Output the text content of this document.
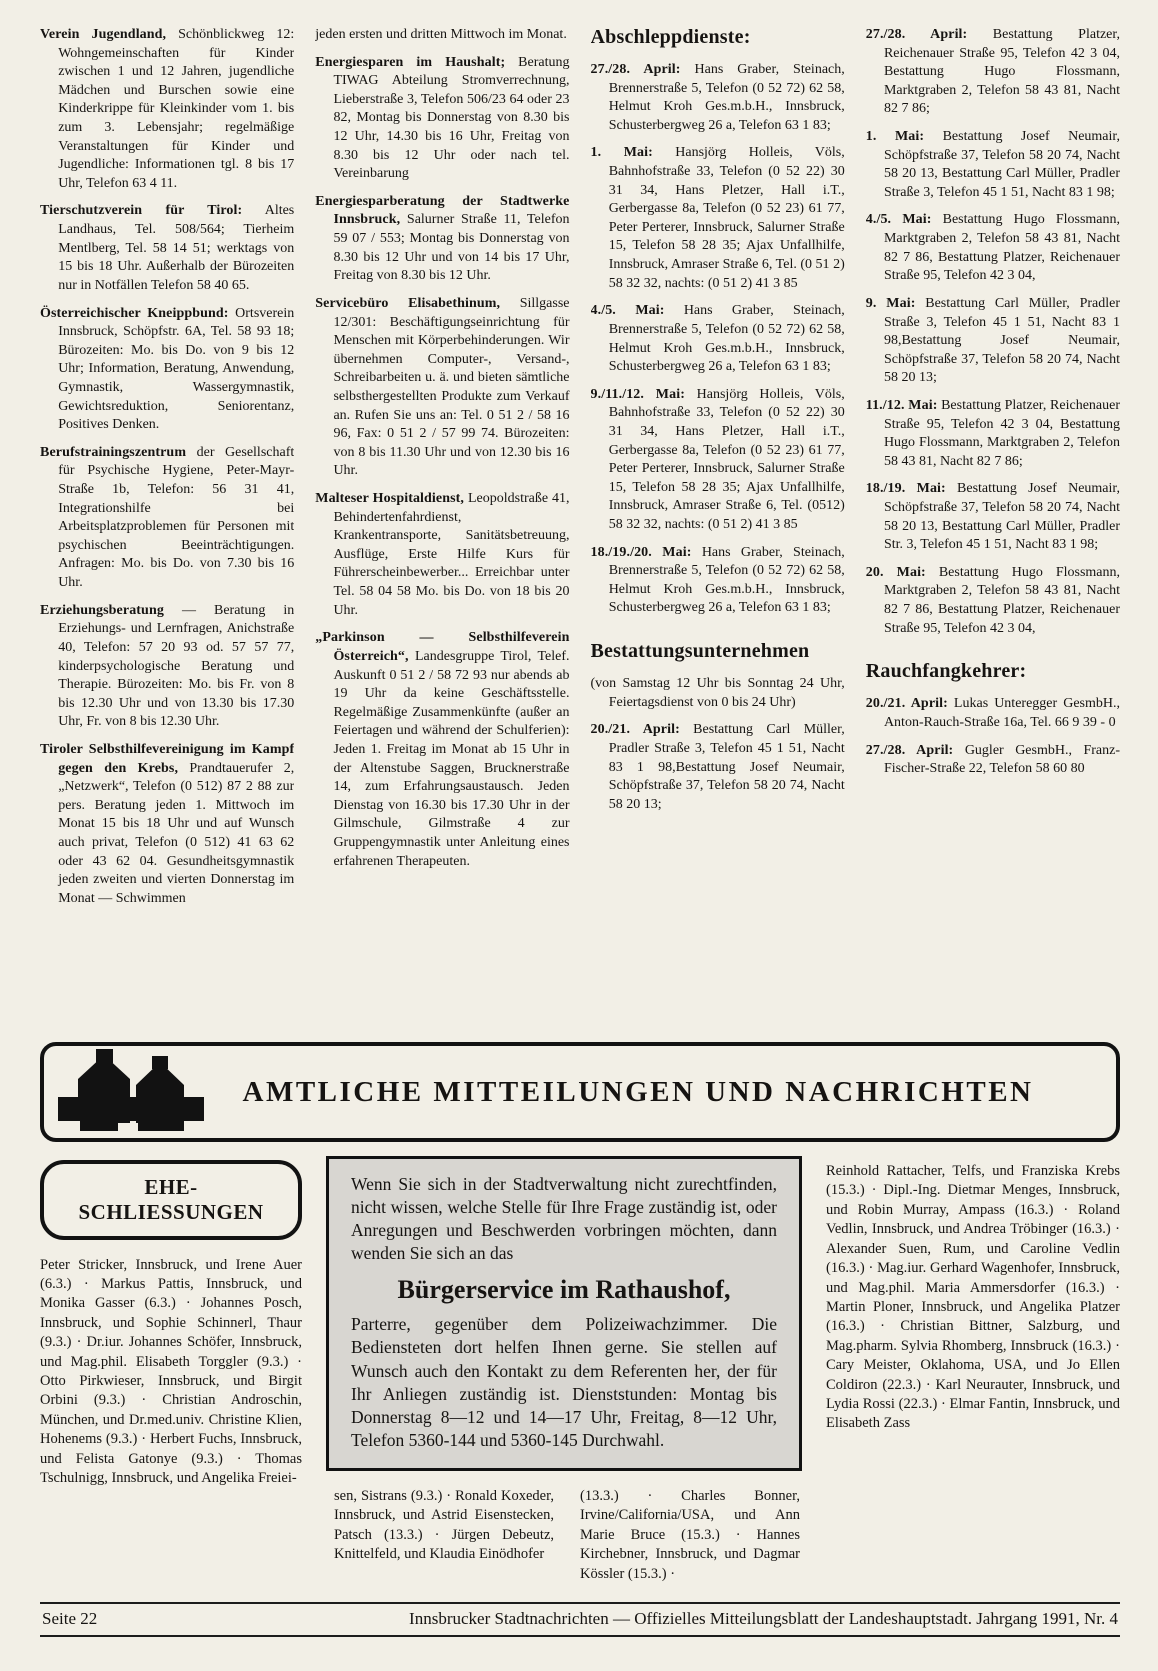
Verein Jugendland, Schönblickweg 12: Wohngemeinschaften für Kinder zwischen 1 und 12 Jahren, jugendliche Mädchen und Burschen sowie eine Kinderkrippe für Kleinkinder vom 1. bis zum 3. Lebensjahr; regelmäßige Veranstaltungen für Kinder und Jugendliche: Informationen tgl. 8 bis 17 Uhr, Telefon 63 4 11.

Tierschutzverein für Tirol: Altes Landhaus, Tel. 508/564; Tierheim Mentlberg, Tel. 58 14 51; werktags von 15 bis 18 Uhr. Außerhalb der Bürozeiten nur in Notfällen Telefon 58 40 65.

Österreichischer Kneippbund: Ortsverein Innsbruck, Schöpfstr. 6A, Tel. 58 93 18; Bürozeiten: Mo. bis Do. von 9 bis 12 Uhr; Information, Beratung, Anwendung, Gymnastik, Wassergymnastik, Gewichtsreduktion, Seniorentanz, Positives Denken.

Berufstrainingszentrum der Gesellschaft für Psychische Hygiene, Peter-Mayr-Straße 1b, Telefon: 56 31 41, Integrationshilfe bei Arbeitsplatzproblemen für Personen mit psychischen Beeinträchtigungen. Anfragen: Mo. bis Do. von 7.30 bis 16 Uhr.

Erziehungsberatung — Beratung in Erziehungs- und Lernfragen, Anichstraße 40, Telefon: 57 20 93 od. 57 57 77, kinderpsychologische Beratung und Therapie. Bürozeiten: Mo. bis Fr. von 8 bis 12.30 Uhr und von 13.30 bis 17.30 Uhr, Fr. von 8 bis 12.30 Uhr.

Tiroler Selbsthilfevereinigung im Kampf gegen den Krebs, Prandtauerufer 2, „Netzwerk“, Telefon (0 512) 87 2 88 zur pers. Beratung jeden 1. Mittwoch im Monat 15 bis 18 Uhr und auf Wunsch auch privat, Telefon (0 512) 41 63 62 oder 43 62 04. Gesundheitsgymnastik jeden zweiten und vierten Donnerstag im Monat — Schwimmen

jeden ersten und dritten Mittwoch im Monat.

Energiesparen im Haushalt; Beratung TIWAG Abteilung Stromverrechnung, Lieberstraße 3, Telefon 506/23 64 oder 23 82, Montag bis Donnerstag von 8.30 bis 12 Uhr, 14.30 bis 16 Uhr, Freitag von 8.30 bis 12 Uhr oder nach tel. Vereinbarung

Energiesparberatung der Stadtwerke Innsbruck, Salurner Straße 11, Telefon 59 07 / 553; Montag bis Donnerstag von 8.30 bis 12 Uhr und von 14 bis 17 Uhr, Freitag von 8.30 bis 12 Uhr.

Servicebüro Elisabethinum, Sillgasse 12/301: Beschäftigungseinrichtung für Menschen mit Körperbehinderungen. Wir übernehmen Computer-, Versand-, Schreibarbeiten u. ä. und bieten sämtliche selbsthergestellten Produkte zum Verkauf an. Rufen Sie uns an: Tel. 0 51 2 / 58 16 96, Fax: 0 51 2 / 57 99 74. Bürozeiten: von 8 bis 11.30 Uhr und von 12.30 bis 16 Uhr.

Malteser Hospitaldienst, Leopoldstraße 41, Behindertenfahrdienst, Krankentransporte, Sanitätsbetreuung, Ausflüge, Erste Hilfe Kurs für Führerscheinbewerber... Erreichbar unter Tel. 58 04 58 Mo. bis Do. von 18 bis 20 Uhr.

„Parkinson — Selbsthilfeverein Österreich“, Landesgruppe Tirol, Telef. Auskunft 0 51 2 / 58 72 93 nur abends ab 19 Uhr da keine Geschäftsstelle. Regelmäßige Zusammenkünfte (außer an Feiertagen und während der Schulferien): Jeden 1. Freitag im Monat ab 15 Uhr in der Altenstube Saggen, Brucknerstraße 14, zum Erfahrungsaustausch. Jeden Dienstag von 16.30 bis 17.30 Uhr in der Gilmschule, Gilmstraße 4 zur Gruppengymnastik unter Anleitung eines erfahrenen Therapeuten.

Abschleppdienste:

27./28. April: Hans Graber, Steinach, Brennerstraße 5, Telefon (0 52 72) 62 58, Helmut Kroh Ges.m.b.H., Innsbruck, Schusterbergweg 26 a, Telefon 63 1 83;

1. Mai: Hansjörg Holleis, Völs, Bahnhofstraße 33, Telefon (0 52 22) 30 31 34, Hans Pletzer, Hall i.T., Gerbergasse 8a, Telefon (0 52 23) 61 77, Peter Perterer, Innsbruck, Salurner Straße 15, Telefon 58 28 35; Ajax Unfallhilfe, Innsbruck, Amraser Straße 6, Tel. (0 51 2) 58 32 32, nachts: (0 51 2) 41 3 85

4./5. Mai: Hans Graber, Steinach, Brennerstraße 5, Telefon (0 52 72) 62 58, Helmut Kroh Ges.m.b.H., Innsbruck, Schusterbergweg 26 a, Telefon 63 1 83;

9./11./12. Mai: Hansjörg Holleis, Völs, Bahnhofstraße 33, Telefon (0 52 22) 30 31 34, Hans Pletzer, Hall i.T., Gerbergasse 8a, Telefon (0 52 23) 61 77, Peter Perterer, Innsbruck, Salurner Straße 15, Telefon 58 28 35; Ajax Unfallhilfe, Innsbruck, Amraser Straße 6, Tel. (0512) 58 32 32, nachts: (0 51 2) 41 3 85

18./19./20. Mai: Hans Graber, Steinach, Brennerstraße 5, Telefon (0 52 72) 62 58, Helmut Kroh Ges.m.b.H., Innsbruck, Schusterbergweg 26 a, Telefon 63 1 83;

Bestattungsunternehmen

(von Samstag 12 Uhr bis Sonntag 24 Uhr, Feiertagsdienst von 0 bis 24 Uhr)

20./21. April: Bestattung Carl Müller, Pradler Straße 3, Telefon 45 1 51, Nacht 83 1 98,Bestattung Josef Neumair, Schöpfstraße 37, Telefon 58 20 74, Nacht 58 20 13;

27./28. April: Bestattung Platzer, Reichenauer Straße 95, Telefon 42 3 04, Bestattung Hugo Flossmann, Marktgraben 2, Telefon 58 43 81, Nacht 82 7 86;

1. Mai: Bestattung Josef Neumair, Schöpfstraße 37, Telefon 58 20 74, Nacht 58 20 13, Bestattung Carl Müller, Pradler Straße 3, Telefon 45 1 51, Nacht 83 1 98;

4./5. Mai: Bestattung Hugo Flossmann, Marktgraben 2, Telefon 58 43 81, Nacht 82 7 86, Bestattung Platzer, Reichenauer Straße 95, Telefon 42 3 04,

9. Mai: Bestattung Carl Müller, Pradler Straße 3, Telefon 45 1 51, Nacht 83 1 98,Bestattung Josef Neumair, Schöpfstraße 37, Telefon 58 20 74, Nacht 58 20 13;

11./12. Mai: Bestattung Platzer, Reichenauer Straße 95, Telefon 42 3 04, Bestattung Hugo Flossmann, Marktgraben 2, Telefon 58 43 81, Nacht 82 7 86;

18./19. Mai: Bestattung Josef Neumair, Schöpfstraße 37, Telefon 58 20 74, Nacht 58 20 13, Bestattung Carl Müller, Pradler Str. 3, Telefon 45 1 51, Nacht 83 1 98;

20. Mai: Bestattung Hugo Flossmann, Marktgraben 2, Telefon 58 43 81, Nacht 82 7 86, Bestattung Platzer, Reichenauer Straße 95, Telefon 42 3 04,

Rauchfangkehrer:

20./21. April: Lukas Unteregger GesmbH., Anton-Rauch-Straße 16a, Tel. 66 9 39 - 0

27./28. April: Gugler GesmbH., Franz-Fischer-Straße 22, Telefon 58 60 80

AMTLICHE MITTEILUNGEN UND NACHRICHTEN
EHE-
SCHLIESSUNGEN

Peter Stricker, Innsbruck, und Irene Auer (6.3.) · Markus Pattis, Innsbruck, und Monika Gasser (6.3.) · Johannes Posch, Innsbruck, und Sophie Schinnerl, Thaur (9.3.) · Dr.iur. Johannes Schöfer, Innsbruck, und Mag.phil. Elisabeth Torggler (9.3.) · Otto Pirkwieser, Innsbruck, und Birgit Orbini (9.3.) · Christian Androschin, München, und Dr.med.univ. Christine Klien, Hohenems (9.3.) · Herbert Fuchs, Innsbruck, und Felista Gatonye (9.3.) · Thomas Tschulnigg, Innsbruck, und Angelika Freiei-

Wenn Sie sich in der Stadtverwaltung nicht zurechtfinden, nicht wissen, welche Stelle für Ihre Frage zuständig ist, oder Anregungen und Beschwerden vorbringen möchten, dann wenden Sie sich an das

Bürgerservice im Rathaushof,

Parterre, gegenüber dem Polizeiwachzimmer. Die Bediensteten dort helfen Ihnen gerne. Sie stellen auf Wunsch auch den Kontakt zu dem Referenten her, der für Ihr Anliegen zuständig ist. Dienststunden: Montag bis Donnerstag 8—12 und 14—17 Uhr, Freitag, 8—12 Uhr, Telefon 5360-144 und 5360-145 Durchwahl.

sen, Sistrans (9.3.) · Ronald Koxeder, Innsbruck, und Astrid Eisenstecken, Patsch (13.3.) · Jürgen Debeutz, Knittelfeld, und Klaudia Einödhofer

(13.3.) · Charles Bonner, Irvine/California/USA, und Ann Marie Bruce (15.3.) · Hannes Kirchebner, Innsbruck, und Dagmar Kössler (15.3.) ·

Reinhold Rattacher, Telfs, und Franziska Krebs (15.3.) · Dipl.-Ing. Dietmar Menges, Innsbruck, und Robin Murray, Ampass (16.3.) · Roland Vedlin, Innsbruck, und Andrea Tröbinger (16.3.) · Alexander Suen, Rum, und Caroline Vedlin (16.3.) · Mag.iur. Gerhard Wagenhofer, Innsbruck, und Mag.phil. Maria Ammersdorfer (16.3.) · Martin Ploner, Innsbruck, und Angelika Platzer (16.3.) · Christian Bittner, Salzburg, und Mag.pharm. Sylvia Rhomberg, Innsbruck (16.3.) · Cary Meister, Oklahoma, USA, und Jo Ellen Coldiron (22.3.) · Karl Neurauter, Innsbruck, und Lydia Rossi (22.3.) · Elmar Fantin, Innsbruck, und Elisabeth Zass

Seite 22	Innsbrucker Stadtnachrichten — Offizielles Mitteilungsblatt der Landeshauptstadt. Jahrgang 1991, Nr. 4
